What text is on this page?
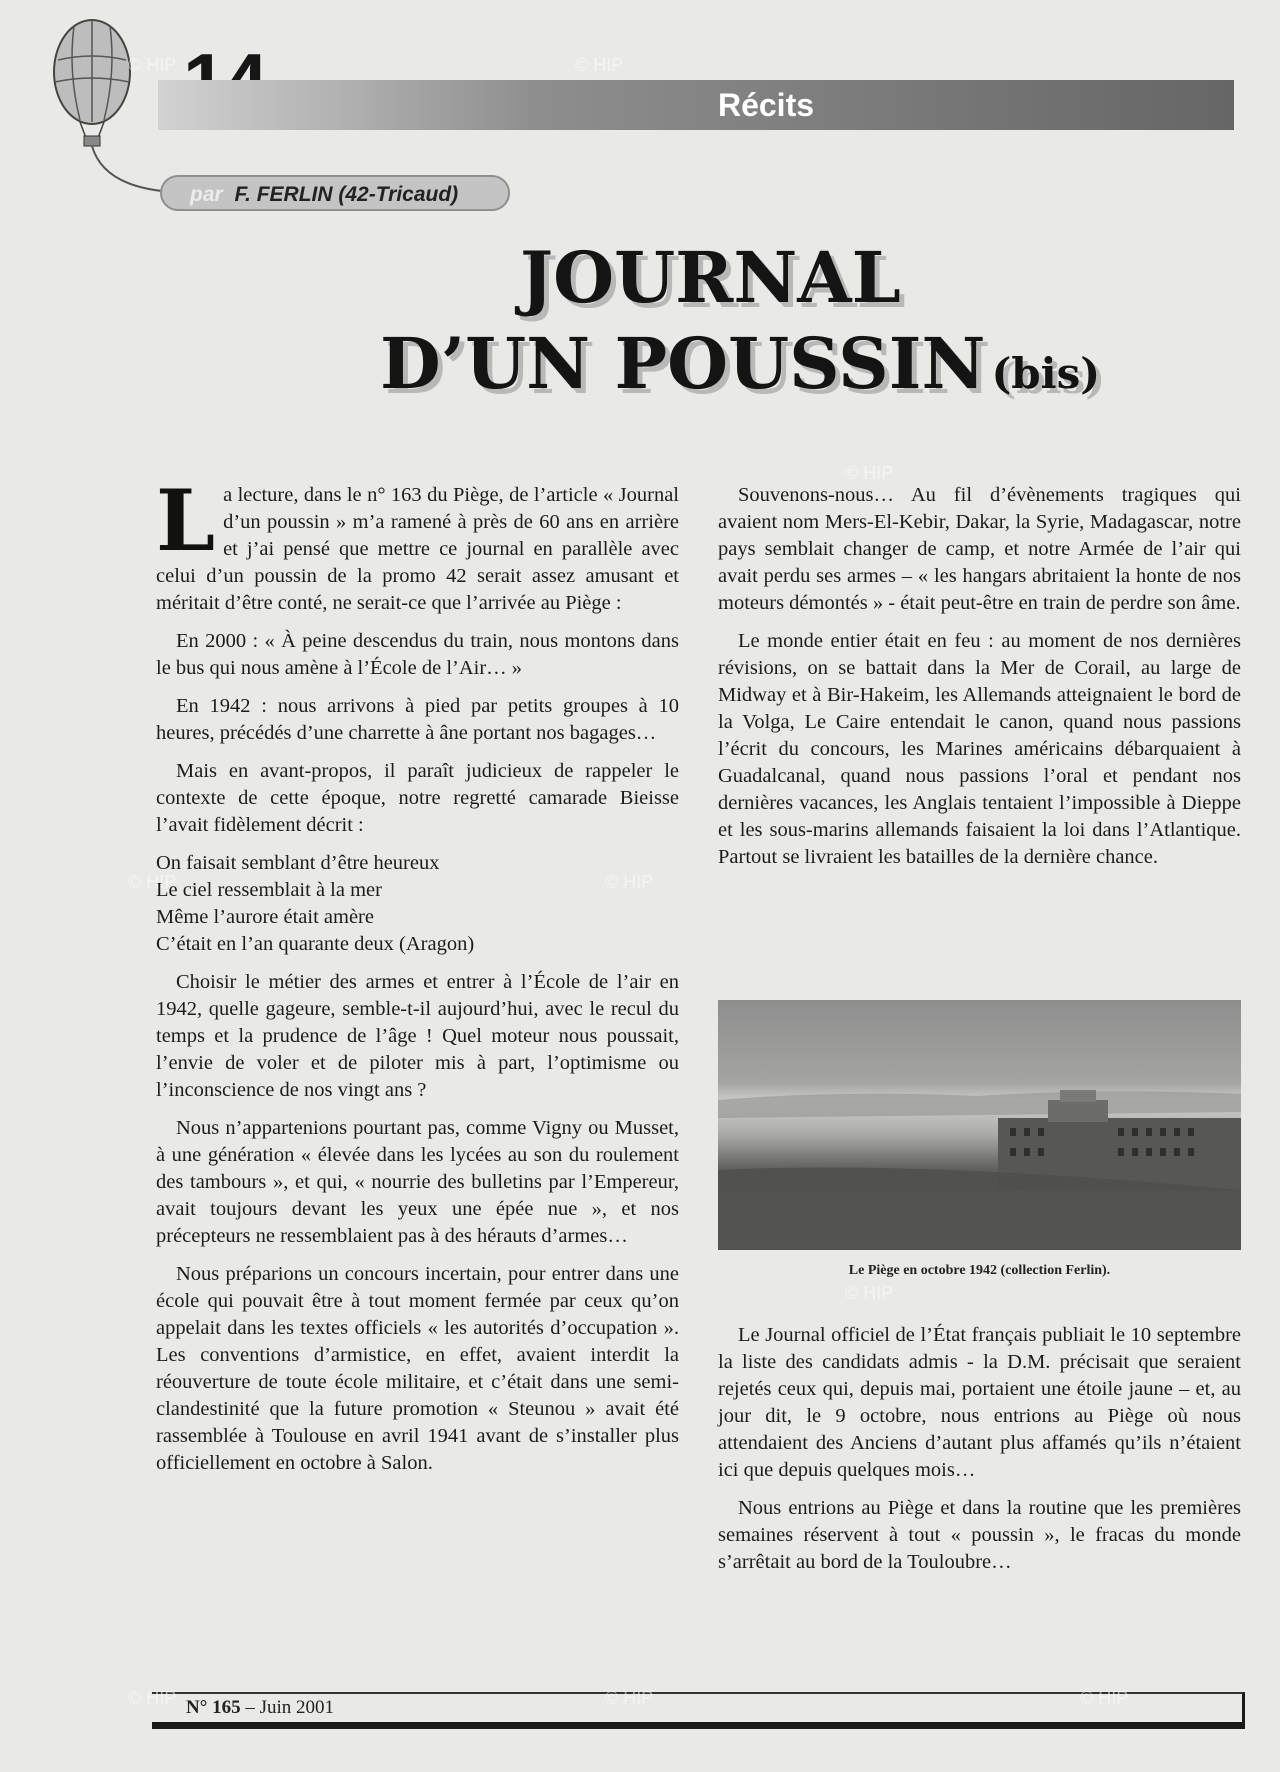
Récits
par F. FERLIN (42-Tricaud)
JOURNAL
D’UN POUSSIN (bis)

La lecture, dans le n° 163 du Piège, de l’article « Journal d’un poussin » m’a ramené à près de 60 ans en arrière et j’ai pensé que mettre ce journal en parallèle avec celui d’un poussin de la promo 42 serait assez amusant et méritait d’être conté, ne serait-ce que l’arrivée au Piège :

En 2000 : « À peine descendus du train, nous montons dans le bus qui nous amène à l’École de l’Air… »

En 1942 : nous arrivons à pied par petits groupes à 10 heures, précédés d’une charrette à âne portant nos bagages…

Mais en avant-propos, il paraît judicieux de rappeler le contexte de cette époque, notre regretté camarade Bieisse l’avait fidèlement décrit :

On faisait semblant d’être heureux
Le ciel ressemblait à la mer
Même l’aurore était amère
C’était en l’an quarante deux (Aragon)

Choisir le métier des armes et entrer à l’École de l’air en 1942, quelle gageure, semble-t-il aujourd’hui, avec le recul du temps et la prudence de l’âge ! Quel moteur nous poussait, l’envie de voler et de piloter mis à part, l’optimisme ou l’inconscience de nos vingt ans ?

Nous n’appartenions pourtant pas, comme Vigny ou Musset, à une génération « élevée dans les lycées au son du roulement des tambours », et qui, « nourrie des bulletins par l’Empereur, avait toujours devant les yeux une épée nue », et nos précepteurs ne ressemblaient pas à des hérauts d’armes…

Nous préparions un concours incertain, pour entrer dans une école qui pouvait être à tout moment fermée par ceux qu’on appelait dans les textes officiels « les autorités d’occupation ». Les conventions d’armistice, en effet, avaient interdit la réouverture de toute école militaire, et c’était dans une semi-clandestinité que la future promotion « Steunou » avait été rassemblée à Toulouse en avril 1941 avant de s’installer plus officiellement en octobre à Salon.

Souvenons-nous… Au fil d’évènements tragiques qui avaient nom Mers-El-Kebir, Dakar, la Syrie, Madagascar, notre pays semblait changer de camp, et notre Armée de l’air qui avait perdu ses armes – « les hangars abritaient la honte de nos moteurs démontés » - était peut-être en train de perdre son âme.

Le monde entier était en feu : au moment de nos dernières révisions, on se battait dans la Mer de Corail, au large de Midway et à Bir-Hakeim, les Allemands atteignaient le bord de la Volga, Le Caire entendait le canon, quand nous passions l’écrit du concours, les Marines américains débarquaient à Guadalcanal, quand nous passions l’oral et pendant nos dernières vacances, les Anglais tentaient l’impossible à Dieppe et les sous-marins allemands faisaient la loi dans l’Atlantique. Partout se livraient les batailles de la dernière chance.

Le Piège en octobre 1942 (collection Ferlin).

Le Journal officiel de l’État français publiait le 10 septembre la liste des candidats admis - la D.M. précisait que seraient rejetés ceux qui, depuis mai, portaient une étoile jaune – et, au jour dit, le 9 octobre, nous entrions au Piège où nous attendaient des Anciens d’autant plus affamés qu’ils n’étaient ici que depuis quelques mois…

Nous entrions au Piège et dans la routine que les premières semaines réservent à tout « poussin », le fracas du monde s’arrêtait au bord de la Touloubre…

N° 165 – Juin 2001
© HIP	© HIP
© HIP
© HIP	© HIP
© HIP
© HIP	© HIP	© HIP
